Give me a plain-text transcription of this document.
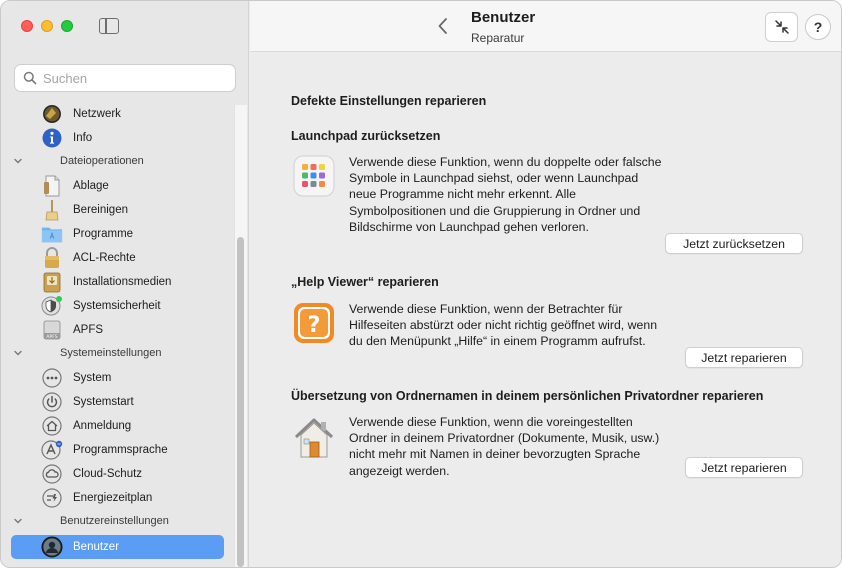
Suchen
Netzwerk
Info
Dateioperationen
Ablage
Bereinigen
Programme
ACL-Rechte
Installationsmedien
Systemsicherheit
APFS
APFS
Systemeinstellungen
System
Systemstart
Anmeldung
Programmsprache
Cloud-Schutz
Energiezeitplan
Benutzereinstellungen
Benutzer
Benutzer
Reparatur
?
Defekte Einstellungen reparieren
Launchpad zurücksetzen
Verwende diese Funktion, wenn du doppelte oder falsche Symbole in Launchpad siehst, oder wenn Launchpad neue Programme nicht mehr erkennt. Alle Symbolpositionen und die Gruppierung in Ordner und Bildschirme von Launchpad gehen verloren.
Jetzt zurücksetzen
„Help Viewer“ reparieren
?
Verwende diese Funktion, wenn der Betrachter für Hilfeseiten abstürzt oder nicht richtig geöffnet wird, wenn du den Menüpunkt „Hilfe“ in einem Programm aufrufst.
Jetzt reparieren
Übersetzung von Ordnernamen in deinem persönlichen Privatordner reparieren
Verwende diese Funktion, wenn die voreingestellten Ordner in deinem Privatordner (Dokumente, Musik, usw.) nicht mehr mit Namen in deiner bevorzugten Sprache angezeigt werden.	Jetzt reparieren
